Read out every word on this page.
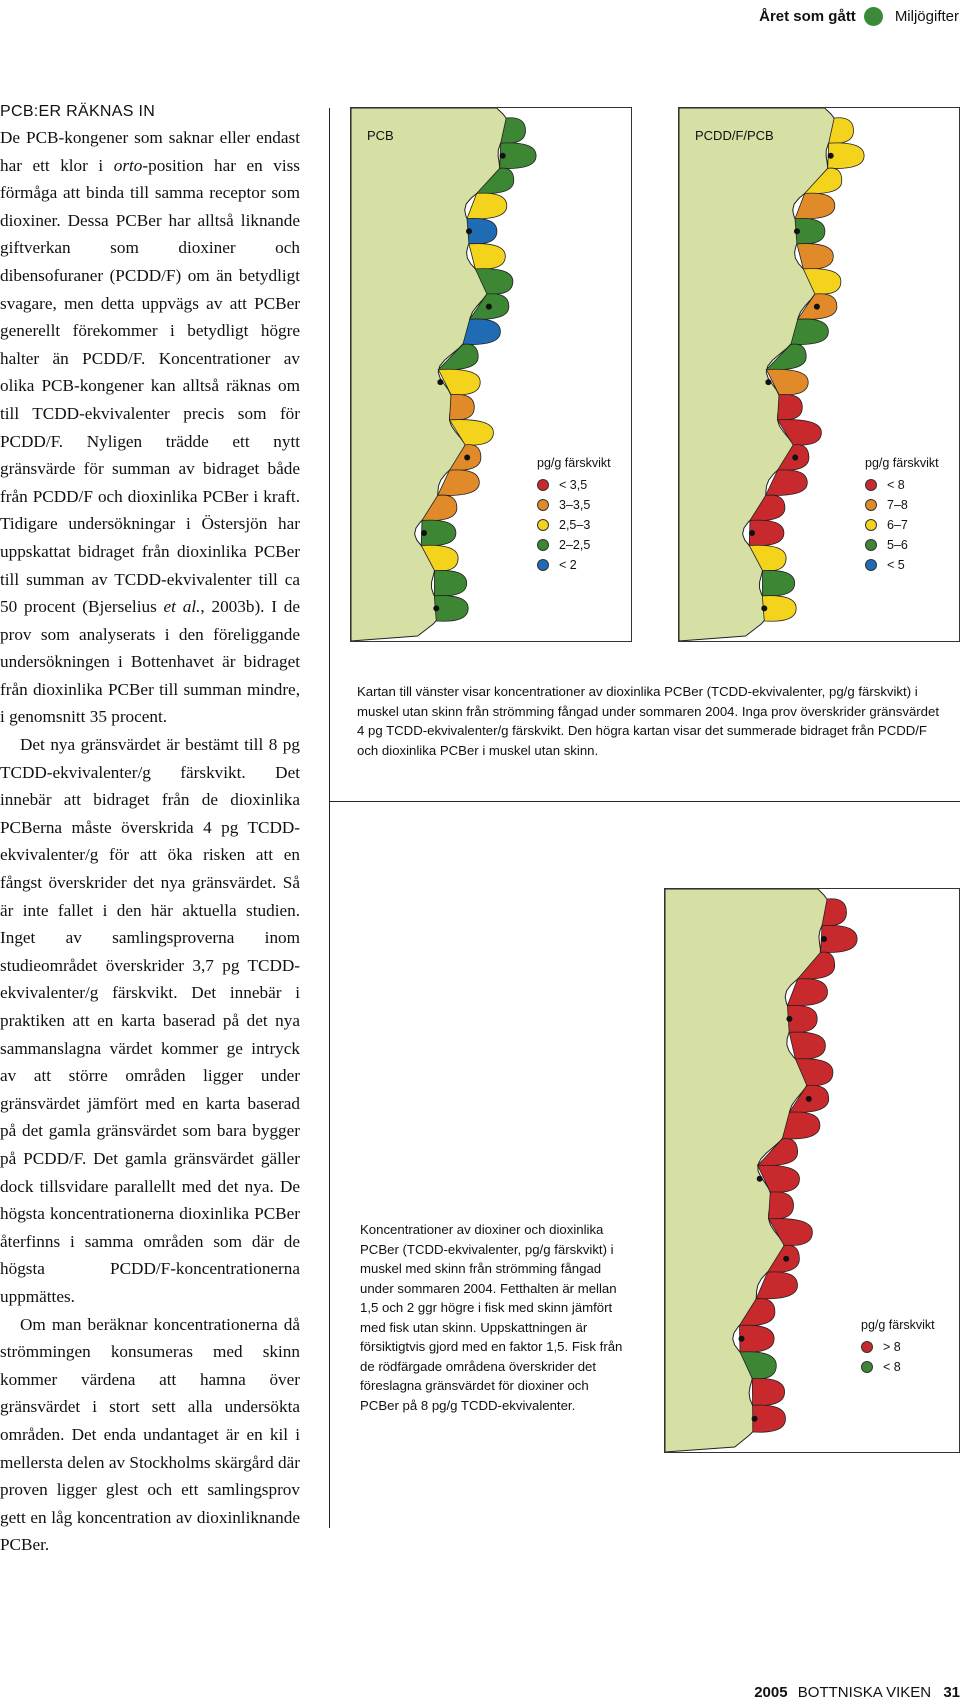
Året som gått	Miljögifter
PCB:ER RÄKNAS IN

De PCB-kongener som saknar eller endast har ett klor i orto-position har en viss förmåga att binda till samma receptor som dioxiner. Dessa PCBer har alltså liknande giftverkan som dioxiner och dibensofuraner (PCDD/F) om än betydligt svagare, men detta uppvägs av att PCBer generellt förekommer i betydligt högre halter än PCDD/F. Koncentrationer av olika PCB-kongener kan alltså räknas om till TCDD-ekvivalenter precis som för PCDD/F. Nyligen trädde ett nytt gränsvärde för summan av bidraget både från PCDD/F och dioxinlika PCBer i kraft. Tidigare undersökningar i Östersjön har uppskattat bidraget från dioxinlika PCBer till summan av TCDD-ekvivalenter till ca 50 procent (Bjerselius et al., 2003b). I de prov som analyserats i den föreliggande undersökningen i Bottenhavet är bidraget från dioxinlika PCBer till summan mindre, i genomsnitt 35 procent.

Det nya gränsvärdet är bestämt till 8 pg TCDD-ekvivalenter/g färskvikt. Det innebär att bidraget från de dioxinlika PCBerna måste överskrida 4 pg TCDD-ekvivalenter/g för att öka risken att en fångst överskrider det nya gränsvärdet. Så är inte fallet i den här aktuella studien. Inget av samlingsproverna inom studieområdet överskrider 3,7 pg TCDD-ekvivalenter/g färskvikt. Det innebär i praktiken att en karta baserad på det nya sammanslagna värdet kommer ge intryck av att större områden ligger under gränsvärdet jämfört med en karta baserad på det gamla gränsvärdet som bara bygger på PCDD/F. Det gamla gränsvärdet gäller dock tillsvidare parallellt med det nya. De högsta koncentrationerna dioxinlika PCBer återfinns i samma områden som där de högsta PCDD/F-koncentrationerna uppmättes.

Om man beräknar koncentrationerna då strömmingen konsumeras med skinn kommer värdena att hamna över gränsvärdet i stort sett alla undersökta områden. Det enda undantaget är en kil i mellersta delen av Stockholms skärgård där proven ligger glest och ett samlingsprov gett en låg koncentration av dioxinliknande PCBer.

PCB
pg/g färskvikt
< 3,5
3–3,5
2,5–3
2–2,5
< 2
PCDD/F/PCB
pg/g färskvikt
< 8
7–8
6–7
5–6
< 5
Kartan till vänster visar koncentrationer av dioxinlika PCBer (TCDD-ekvivalenter, pg/g färskvikt) i muskel utan skinn från strömming fångad under sommaren 2004. Inga prov överskrider gränsvärdet 4 pg TCDD-ekvivalenter/g färskvikt. Den högra kartan visar det summerade bidraget från PCDD/F och dioxinlika PCBer i muskel utan skinn.
pg/g färskvikt
> 8
< 8
Koncentrationer av dioxiner och dioxinlika PCBer (TCDD-ekvivalenter, pg/g färskvikt) i muskel med skinn från strömming fångad under sommaren 2004. Fetthalten är mellan 1,5 och 2 ggr högre i fisk med skinn jämfört med fisk utan skinn. Uppskattningen är försiktigtvis gjord med en faktor 1,5. Fisk från de rödfärgade områdena överskrider det föreslagna gränsvärdet för dioxiner och PCBer på 8 pg/g TCDD-ekvivalenter.
2005 BOTTNISKA VIKEN 31
